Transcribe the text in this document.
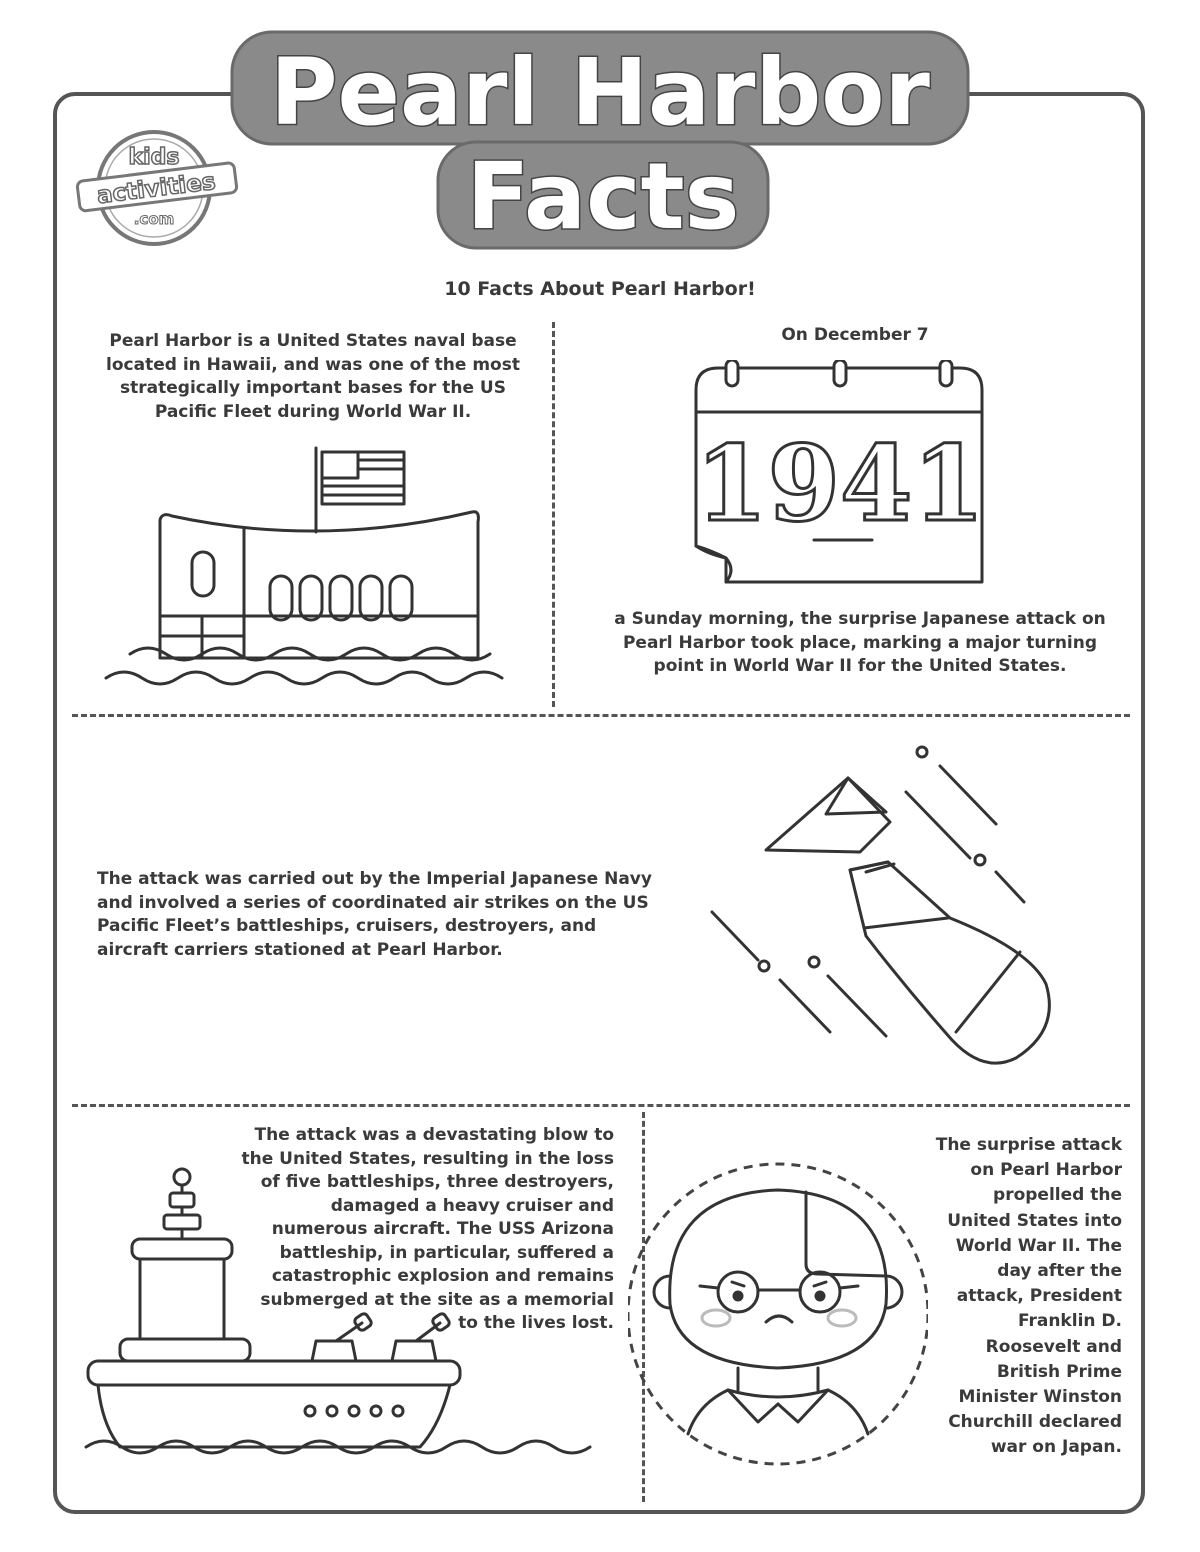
Pearl Harbor
Facts
kids
activities
.com
10 Facts About Pearl Harbor!
Pearl Harbor is a United States naval base located in Hawaii, and was one of the most strategically important bases for the US Pacific Fleet during World War II.
On December 7
1941
a Sunday morning, the surprise Japanese attack on Pearl Harbor took place, marking a major turning point in World War II for the United States.
The attack was carried out by the Imperial Japanese Navy and involved a series of coordinated air strikes on the US Pacific Fleet’s battleships, cruisers, destroyers, and aircraft carriers stationed at Pearl Harbor.
The attack was a devastating blow to the United States, resulting in the loss of five battleships, three destroyers, damaged a heavy cruiser and numerous aircraft. The USS Arizona battleship, in particular, suffered a catastrophic explosion and remains submerged at the site as a memorial to the lives lost.
The surprise attack on Pearl Harbor propelled the United States into World War II. The day after the attack, President Franklin D. Roosevelt and British Prime Minister Winston Churchill declared war on Japan.
